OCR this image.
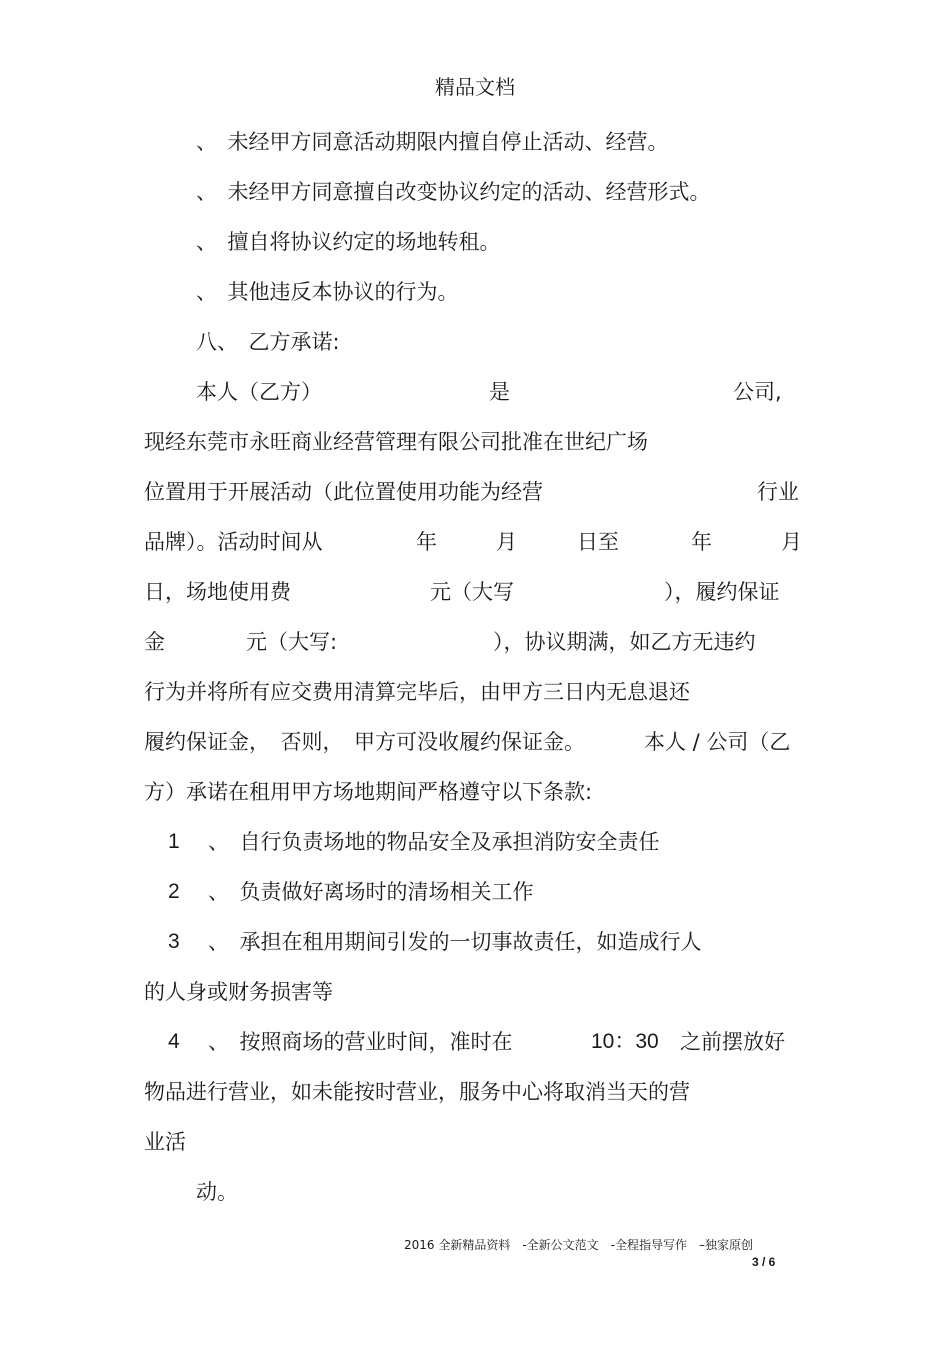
精品文档
、　未经甲方同意活动期限内擅自停止活动、经营。
、　未经甲方同意擅自改变协议约定的活动、经营形式。
、　擅自将协议约定的场地转租。
、　其他违反本协议的行为。
八、　乙方承诺:
本人（乙方）	是	公司,
现经东莞市永旺商业经营管理有限公司批准在世纪广场
位置用于开展活动（此位置使用功能为经营	行业
品牌）。活动时间从	年	月	日至	年	月
日，场地使用费	元（大写	），履约保证
金	元（大写:	），协议期满，如乙方无违约
行为并将所有应交费用清算完毕后，由甲方三日内无息退还
履约保证金，　否则，　甲方可没收履约保证金。	本人 / 公司（乙
方）承诺在租用甲方场地期间严格遵守以下条款:
1 、　自行负责场地的物品安全及承担消防安全责任
2 、　负责做好离场时的清场相关工作
3 、　承担在租用期间引发的一切事故责任，如造成行人
的人身或财务损害等
4 、　按照商场的营业时间，准时在	10：30 之前摆放好
物品进行营业，如未能按时营业，服务中心将取消当天的营
业活
动。
2016 全新精品资料　-全新公文范文　-全程指导写作　–独家原创
3 / 6
